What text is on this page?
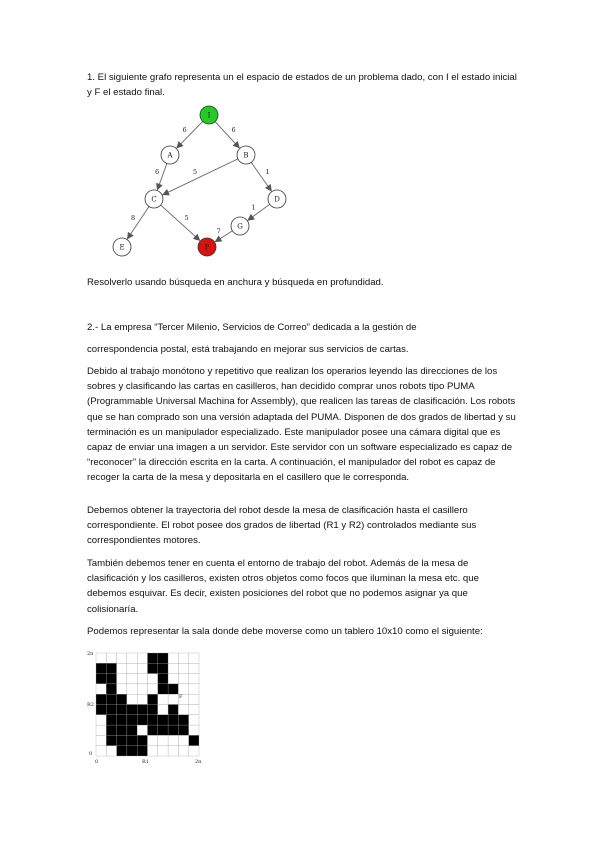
1. El siguiente grafo representa un el espacio de estados de un problema dado, con I el estado inicial y F el estado final.

6	6
6	5	1
8	5
1
7
I
A	B
C	D
G
E	F

Resolverlo usando búsqueda en anchura y búsqueda en profundidad.

2.- La empresa “Tercer Milenio, Servicios de Correo” dedicada a la gestión de

correspondencia postal, está trabajando en mejorar sus servicios de cartas.

Debido al trabajo monótono y repetitivo que realizan los operarios leyendo las direcciones de los sobres y clasificando las cartas en casilleros, han decidido comprar unos robots tipo PUMA (Programmable Universal Machina for Assembly), que realicen las tareas de clasificación. Los robots que se han comprado son una versión adaptada del PUMA. Disponen de dos grados de libertad y su terminación es un manipulador especializado. Este manipulador posee una cámara digital que es capaz de enviar una imagen a un servidor. Este servidor con un software especializado es capaz de “reconocer” la dirección escrita en la carta. A continuación, el manipulador del robot es capaz de recoger la carta de la mesa y depositarla en el casillero que le corresponda.

Debemos obtener la trayectoria del robot desde la mesa de clasificación hasta el casillero correspondiente. El robot posee dos grados de libertad (R1 y R2) controlados mediante sus correspondientes motores.

También debemos tener en cuenta el entorno de trabajo del robot. Además de la mesa de clasificación y los casilleros, existen otros objetos como focos que iluminan la mesa etc. que debemos esquivar. Es decir, existen posiciones del robot que no podemos asignar ya que colisionaría.

Podemos representar la sala donde debe moverse como un tablero 10x10 como el siguiente:

2π
R2
F
I
0
0	R1	2π
